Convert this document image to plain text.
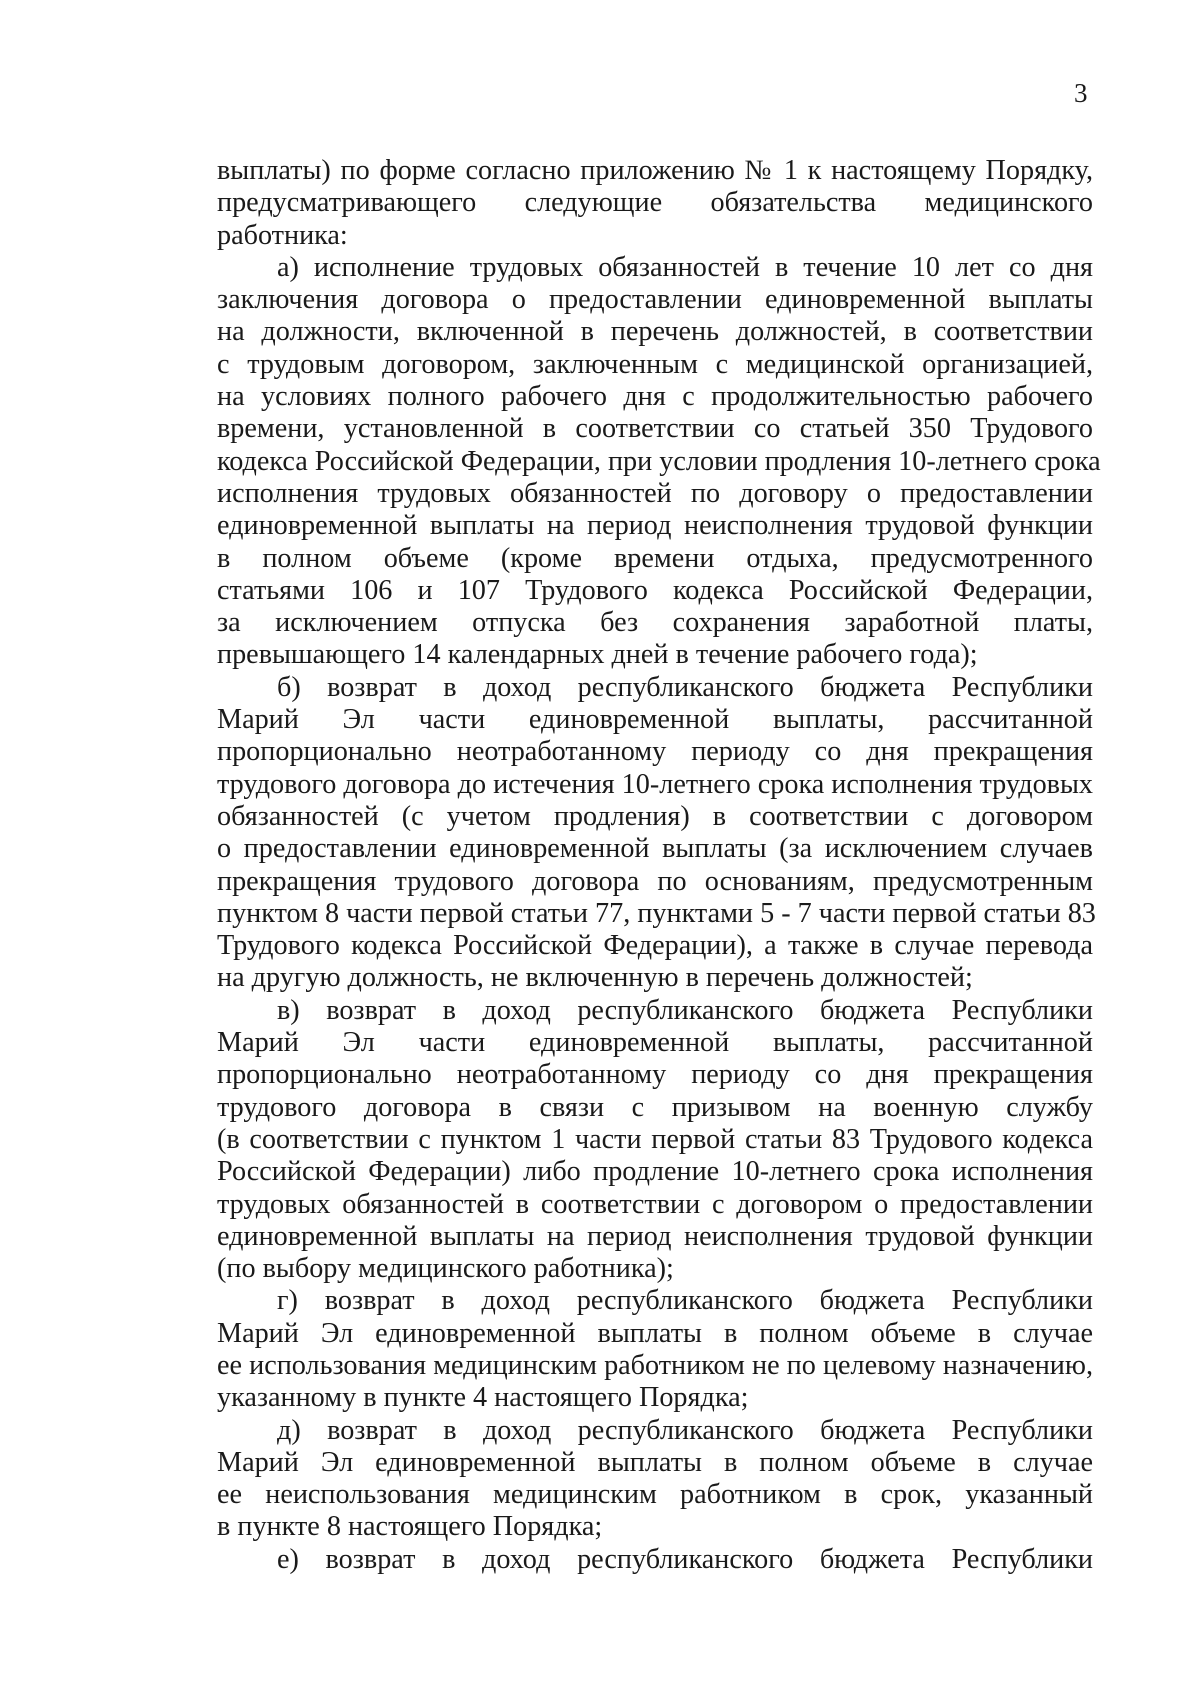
3
выплаты) по форме согласно приложению № 1 к настоящему Порядку,
предусматривающего следующие обязательства медицинского
работника:
а) исполнение трудовых обязанностей в течение 10 лет со дня
заключения договора о предоставлении единовременной выплаты
на должности, включенной в перечень должностей, в соответствии
с трудовым договором, заключенным с медицинской организацией,
на условиях полного рабочего дня с продолжительностью рабочего
времени, установленной в соответствии со статьей 350 Трудового
кодекса Российской Федерации, при условии продления 10-летнего срока
исполнения трудовых обязанностей по договору о предоставлении
единовременной выплаты на период неисполнения трудовой функции
в полном объеме (кроме времени отдыха, предусмотренного
статьями 106 и 107 Трудового кодекса Российской Федерации,
за исключением отпуска без сохранения заработной платы,
превышающего 14 календарных дней в течение рабочего года);
б) возврат в доход республиканского бюджета Республики
Марий Эл части единовременной выплаты, рассчитанной
пропорционально неотработанному периоду со дня прекращения
трудового договора до истечения 10-летнего срока исполнения трудовых
обязанностей (с учетом продления) в соответствии с договором
о предоставлении единовременной выплаты (за исключением случаев
прекращения трудового договора по основаниям, предусмотренным
пунктом 8 части первой статьи 77, пунктами 5 - 7 части первой статьи 83
Трудового кодекса Российской Федерации), а также в случае перевода
на другую должность, не включенную в перечень должностей;
в) возврат в доход республиканского бюджета Республики
Марий Эл части единовременной выплаты, рассчитанной
пропорционально неотработанному периоду со дня прекращения
трудового договора в связи с призывом на военную службу
(в соответствии с пунктом 1 части первой статьи 83 Трудового кодекса
Российской Федерации) либо продление 10-летнего срока исполнения
трудовых обязанностей в соответствии с договором о предоставлении
единовременной выплаты на период неисполнения трудовой функции
(по выбору медицинского работника);
г) возврат в доход республиканского бюджета Республики
Марий Эл единовременной выплаты в полном объеме в случае
ее использования медицинским работником не по целевому назначению,
указанному в пункте 4 настоящего Порядка;
д) возврат в доход республиканского бюджета Республики
Марий Эл единовременной выплаты в полном объеме в случае
ее неиспользования медицинским работником в срок, указанный
в пункте 8 настоящего Порядка;
е) возврат в доход республиканского бюджета Республики
